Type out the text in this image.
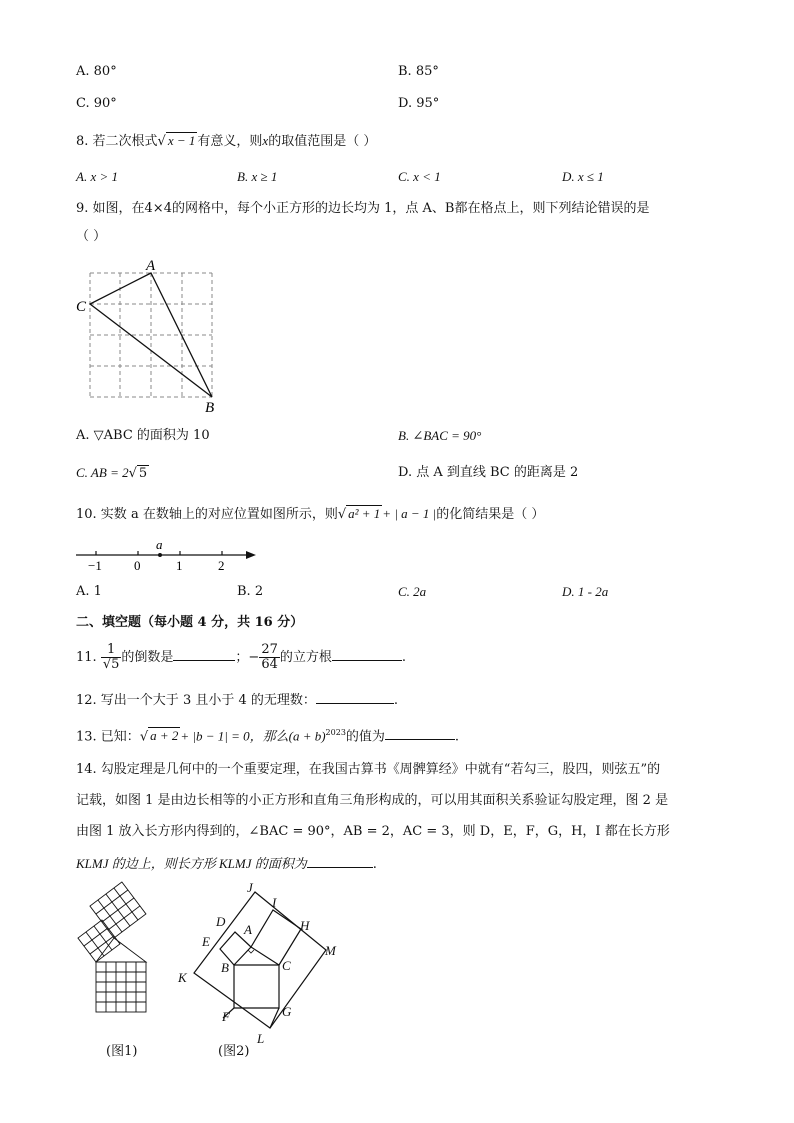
A. 80°	B. 85°
C. 90°	D. 95°
8. 若二次根式√ x − 1 有意义，则x的取值范围是（ ）
A. x > 1	B. x ≥ 1	C. x < 1	D. x ≤ 1
9. 如图，在4×4的网格中，每个小正方形的边长均为 1，点 A、B都在格点上，则下列结论错误的是
（ ）
A
C
B
A. ▽ABC 的面积为 10	B. ∠BAC = 90°
C. AB = 2√ 5	D. 点 A 到直线 BC 的距离是 2
10. 实数 a 在数轴上的对应位置如图所示，则√ a² + 1 + | a − 1 |的化简结果是（ ）
a
−1 0	1	2
A. 1	B. 2	C. 2a	D. 1 - 2a
二、填空题（每小题 4 分，共 16 分）
11. $\frac{1}{√5}$ 的倒数是	；− $\frac{27}{64}$ 的立方根	.
12. 写出一个大于 3 且小于 4 的无理数：	.
13. 已知：√ a + 2 + |b − 1| = 0，那么$(a + b)^{2023}$的值为	.
14. 勾股定理是几何中的一个重要定理，在我国古算书《周髀算经》中就有“若勾三，股四，则弦五”的
记载，如图 1 是由边长相等的小正方形和直角三角形构成的，可以用其面积关系验证勾股定理，图 2 是
由图 1 放入长方形内得到的，∠BAC = 90°，AB = 2，AC = 3，则 D，E，F，G，H，I 都在长方形
KLMJ 的边上，则长方形 KLMJ 的面积为	.
(图1)
J
I
H
D
A
E
M
B	C
K
F	G
L
(图2)
